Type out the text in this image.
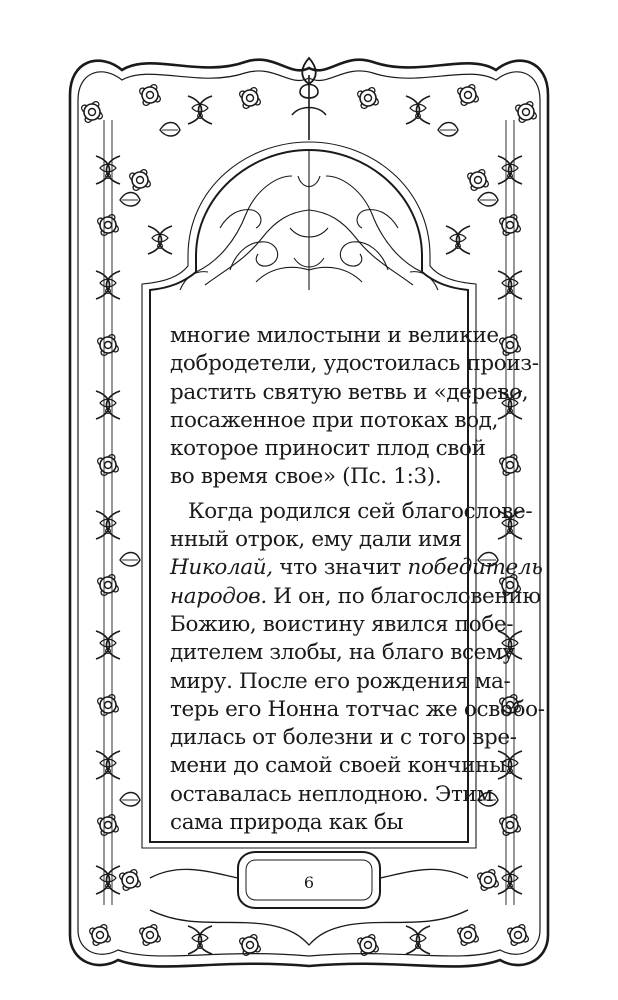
многие милостыни и великие
добродетели, удостоилась произ-
растить святую ветвь и «дерево,
посаженное при потоках вод,
которое приносит плод свой
во время свое» (Пс. 1:3).
Когда родился сей благослове-
нный отрок, ему дали имя
Николай, что значит победитель
народов. И он, по благословению
Божию, воистину явился побе-
дителем злобы, на благо всему
миру. После его рождения ма-
терь его Нонна тотчас же освобо-
дилась от болезни и с того вре-
мени до самой своей кончины
оставалась неплодною. Этим
сама природа как бы
6
